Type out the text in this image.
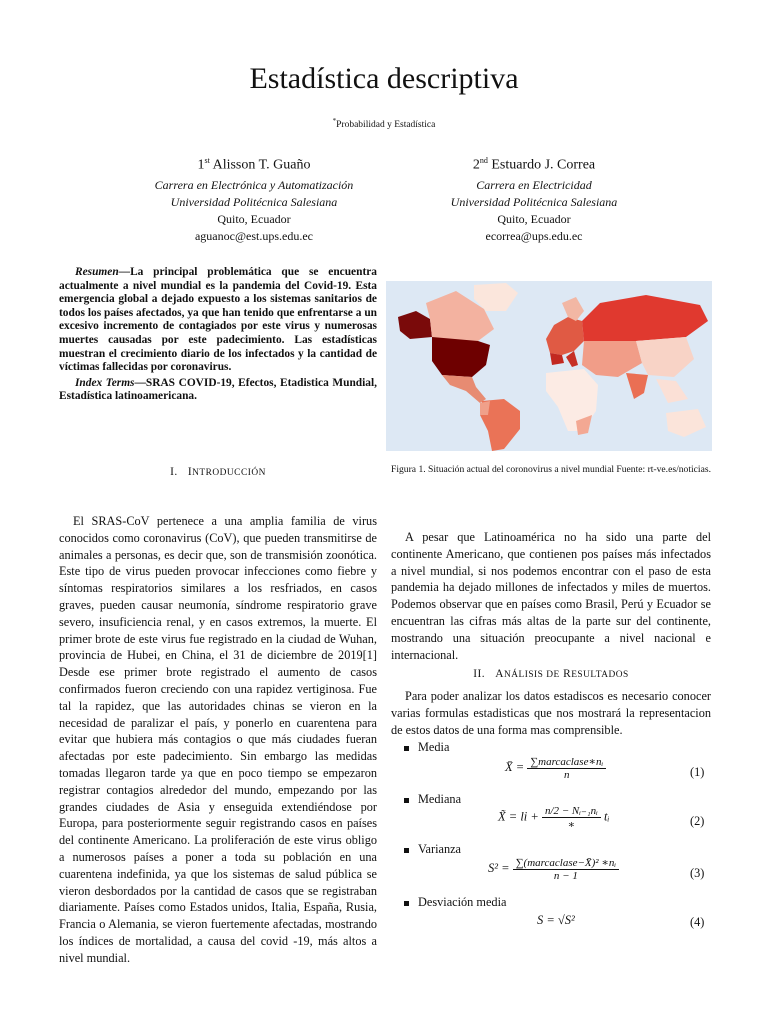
Estadística descriptiva
*Probabilidad y Estadística
1st Alisson T. Guaño
Carrera en Electrónica y Automatización
Universidad Politécnica Salesiana
Quito, Ecuador
aguanoc@est.ups.edu.ec
2nd Estuardo J. Correa
Carrera en Electricidad
Universidad Politécnica Salesiana
Quito, Ecuador
ecorrea@ups.edu.ec

Resumen—La principal problemática que se encuentra actualmente a nivel mundial es la pandemia del Covid-19. Esta emergencia global a dejado expuesto a los sistemas sanitarios de todos los países afectados, ya que han tenido que enfrentarse a un excesivo incremento de contagiados por este virus y numerosas muertes causadas por este padecimiento. Las estadísticas muestran el crecimiento diario de los infectados y la cantidad de víctimas fallecidas por coronavirus.

Index Terms—SRAS COVID-19, Efectos, Etadistica Mundial, Estadística latinoamericana.

Figura 1. Situación actual del coronovirus a nivel mundial Fuente: rt-ve.es/noticias.
I. INTRODUCCIÓN

El SRAS-CoV pertenece a una amplia familia de virus conocidos como coronavirus (CoV), que pueden transmitirse de animales a personas, es decir que, son de transmisión zoonótica. Este tipo de virus pueden provocar infecciones como fiebre y síntomas respiratorios similares a los resfriados, en casos graves, pueden causar neumonía, síndrome respiratorio grave severo, insuficiencia renal, y en casos extremos, la muerte. El primer brote de este virus fue registrado en la ciudad de Wuhan, provincia de Hubei, en China, el 31 de diciembre de 2019[1] Desde ese primer brote registrado el aumento de casos confirmados fueron creciendo con una rapidez vertiginosa. Fue tal la rapidez, que las autoridades chinas se vieron en la necesidad de paralizar el país, y ponerlo en cuarentena para evitar que hubiera más contagios o que más ciudades fueran afectadas por este padecimiento. Sin embargo las medidas tomadas llegaron tarde ya que en poco tiempo se empezaron registrar contagios alrededor del mundo, empezando por las grandes ciudades de Asia y enseguida extendiéndose por Europa, para posteriormente seguir registrando casos en países del continente Americano. La proliferación de este virus obligo a numerosos países a poner a toda su población en una cuarentena indefinida, ya que los sistemas de salud pública se vieron desbordados por la cantidad de casos que se registraban diariamente. Países como Estados unidos, Italia, España, Rusia, Francia o Alemania, se vieron fuertemente afectadas, mostrando los índices de mortalidad, a causa del covid -19, más altos a nivel mundial.

A pesar que Latinoamérica no ha sido una parte del continente Americano, que contienen pos países más infectados a nivel mundial, si nos podemos encontrar con el paso de esta pandemia ha dejado millones de infectados y miles de muertos. Podemos observar que en países como Brasil, Perú y Ecuador se encuentran las cifras más altas de la parte sur del continente, mostrando una situación preocupante a nivel nacional e internacional.

II. ANÁLISIS DE RESULTADOS

Para poder analizar los datos estadiscos es necesario conocer varias formulas estadisticas que nos mostrará la representacion de estos datos de una forma mas comprensible.

Media
X̄ = $\frac{\text{∑marcaclase∗nᵢ}}{n}$	(1)
Mediana
X̃ = li + $\frac{\text{n/2 − Nᵢ₋₁nᵢ}}{∗}$ tᵢ	(2)
Varianza
$S^2 = \frac{\text{∑(marcaclase−X̄)² ∗nᵢ}}{n - 1}$	(3)
Desviación media
S = √S²	(4)
